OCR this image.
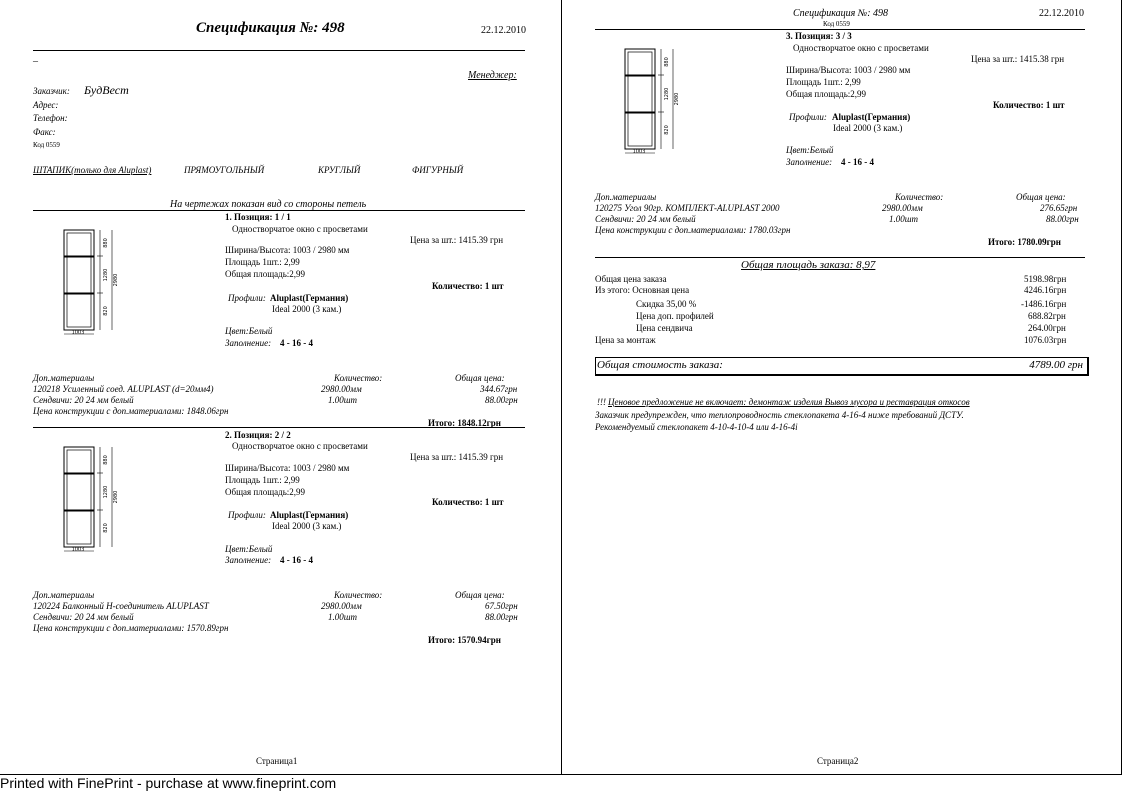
Спецификация №: 498	22.12.2010
–
Менеджер:
Заказчик: БудВест
Адрес:
Телефон:
Факс:
Код 0559
ШТАПИК(только для Aluplast)	ПРЯМОУГОЛЬНЫЙ	КРУГЛЫЙ	ФИГУРНЫЙ
На чертежах показан вид со стороны петель
1. Позиция: 1 / 1
Одностворчатое окно с просветами
Цена за шт.: 1415.39 грн
Ширина/Высота: 1003 / 2980 мм
Площадь 1шт.: 2,99
Общая площадь:2,99
Количество: 1 шт
Профили: Aluplast(Германия)
Ideal 2000 (3 кам.)
Цвет:Белый
Заполнение: 4 - 16 - 4
880
1280
820
2980
1003
Доп.материалы	Количество:	Общая цена:
120218 Усиленный соед. ALUPLAST (d=20мм4)	2980.00мм	344.67грн
Сендвичи: 20 24 мм белый	1.00шт	88.00грн
Цена конструкции с доп.материалами: 1848.06грн
Итого: 1848.12грн
2. Позиция: 2 / 2
Одностворчатое окно с просветами
Цена за шт.: 1415.39 грн
Ширина/Высота: 1003 / 2980 мм
Площадь 1шт.: 2,99
Общая площадь:2,99
Количество: 1 шт
Профили: Aluplast(Германия)
Ideal 2000 (3 кам.)
Цвет:Белый
Заполнение: 4 - 16 - 4
880
1280
820
2980
1003
Доп.материалы	Количество:	Общая цена:
120224 Балконный Н-соединитель ALUPLAST	2980.00мм	67.50грн
Сендвичи: 20 24 мм белый	1.00шт	88.00грн
Цена конструкции с доп.материалами: 1570.89грн
Итого: 1570.94грн
Страница1
Спецификация №: 498	22.12.2010
Код 0559
3. Позиция: 3 / 3
Одностворчатое окно с просветами
Цена за шт.: 1415.38 грн
Ширина/Высота: 1003 / 2980 мм
Площадь 1шт.: 2,99
Общая площадь:2,99
Количество: 1 шт
Профили: Aluplast(Германия)
Ideal 2000 (3 кам.)
Цвет:Белый
Заполнение: 4 - 16 - 4
880
1280
820
2980
1003
Доп.материалы	Количество:	Общая цена:
120275 Угол 90гр. КОМПЛЕКТ-ALUPLAST 2000	2980.00мм	276.65грн
Сендвичи: 20 24 мм белый	1.00шт	88.00грн
Цена конструкции с доп.материалами: 1780.03грн
Итого: 1780.09грн
Общая площадь заказа: 8,97
Общая цена заказа	5198.98грн
Из этого: Основная цена	4246.16грн
Скидка 35,00 %	-1486.16грн
Цена доп. профилей	688.82грн
Цена сендвича	264.00грн
Цена за монтаж	1076.03грн
Общая стоимость заказа:	4789.00 грн
!!! Ценовое предложение не включает: демонтаж изделия Вывоз мусора и реставрация откосов
Заказчик предупрежден, что теплопроводность стеклопакета 4-16-4 ниже требований ДСТУ.
Рекомендуемый стеклопакет 4-10-4-10-4 или 4-16-4i
Страница2
Printed with FinePrint - purchase at www.fineprint.com
